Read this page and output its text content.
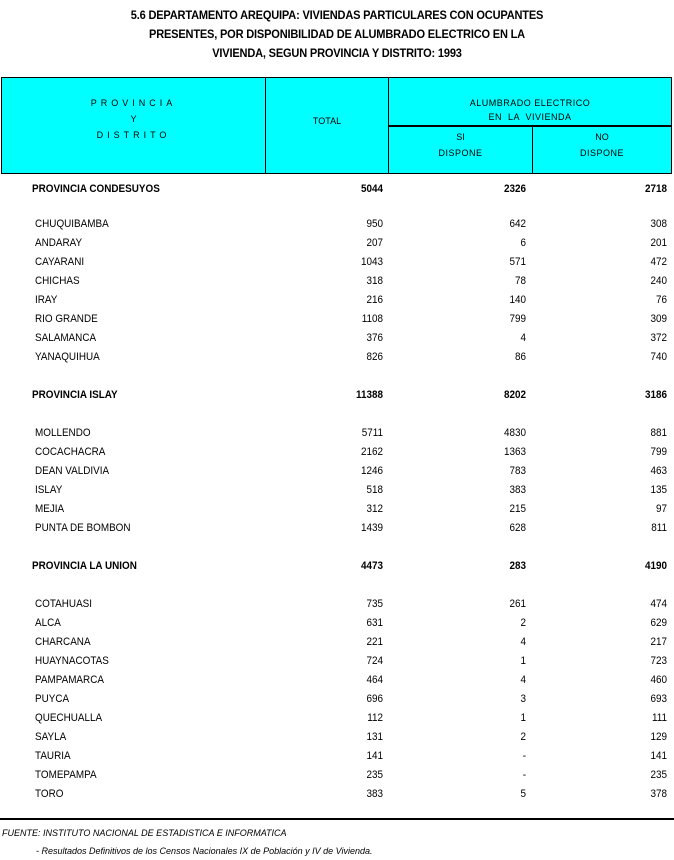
5.6 DEPARTAMENTO AREQUIPA: VIVIENDAS PARTICULARES CON OCUPANTES
PRESENTES, POR DISPONIBILIDAD DE ALUMBRADO ELECTRICO EN LA
VIVIENDA, SEGUN PROVINCIA Y DISTRITO: 1993
PROVINCIA
Y
DISTRITO
TOTAL
ALUMBRADO ELECTRICO
EN  LA  VIVIENDA
SI
DISPONE
NO
DISPONE
PROVINCIA CONDESUYOS	5044	2326	2718
CHUQUIBAMBA	950	642	308
ANDARAY	207	6	201
CAYARANI	1043	571	472
CHICHAS	318	78	240
IRAY	216	140	76
RIO GRANDE	1108	799	309
SALAMANCA	376	4	372
YANAQUIHUA	826	86	740
PROVINCIA ISLAY	11388	8202	3186
MOLLENDO	5711	4830	881
COCACHACRA	2162	1363	799
DEAN VALDIVIA	1246	783	463
ISLAY	518	383	135
MEJIA	312	215	97
PUNTA DE BOMBON	1439	628	811
PROVINCIA LA UNION	4473	283	4190
COTAHUASI	735	261	474
ALCA	631	2	629
CHARCANA	221	4	217
HUAYNACOTAS	724	1	723
PAMPAMARCA	464	4	460
PUYCA	696	3	693
QUECHUALLA	112	1	111
SAYLA	131	2	129
TAURIA	141	-	141
TOMEPAMPA	235	-	235
TORO	383	5	378
FUENTE: INSTITUTO NACIONAL DE ESTADISTICA E INFORMATICA
- Resultados Definitivos de los Censos Nacionales IX de Población y IV de Vivienda.
